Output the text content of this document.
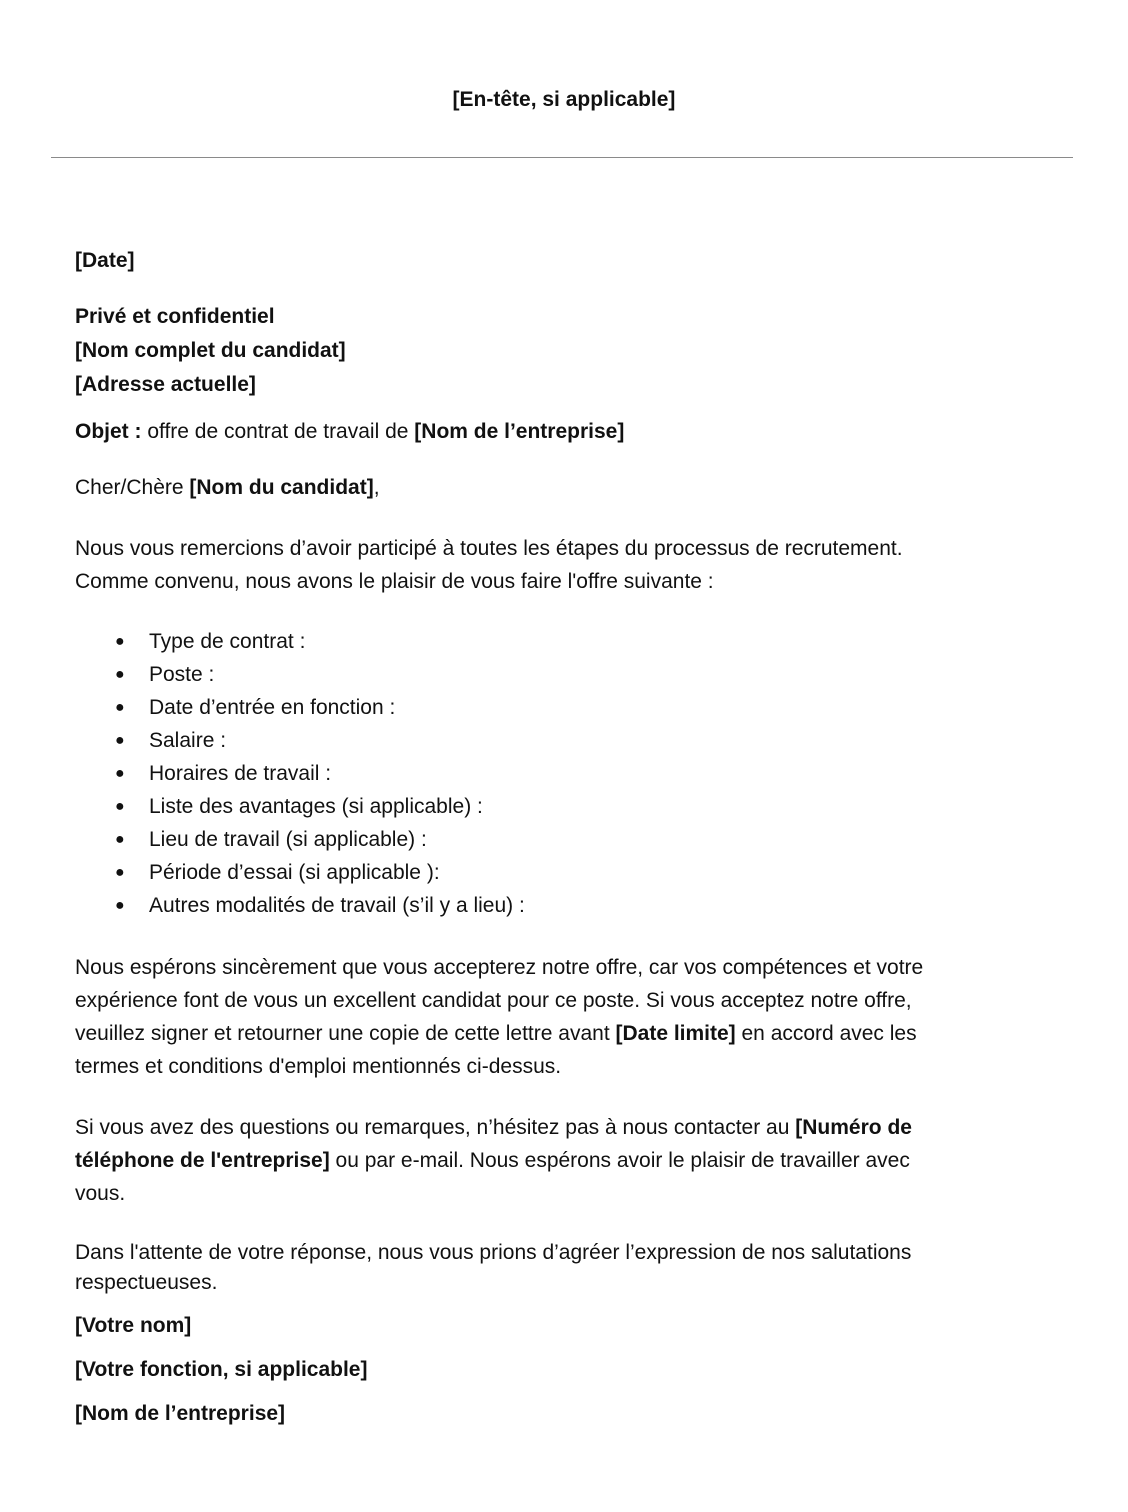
[En-tête, si applicable]
[Date]
Privé et confidentiel
[Nom complet du candidat]
[Adresse actuelle]
Objet : offre de contrat de travail de [Nom de l’entreprise]
Cher/Chère [Nom du candidat],
Nous vous remercions d’avoir participé à toutes les étapes du processus de recrutement.
Comme convenu, nous avons le plaisir de vous faire l'offre suivante :
● Type de contrat :
● Poste :
● Date d’entrée en fonction :
● Salaire :
● Horaires de travail :
● Liste des avantages (si applicable) :
● Lieu de travail (si applicable) :
● Période d’essai (si applicable ):
● Autres modalités de travail (s’il y a lieu) :
Nous espérons sincèrement que vous accepterez notre offre, car vos compétences et votre
expérience font de vous un excellent candidat pour ce poste. Si vous acceptez notre offre,
veuillez signer et retourner une copie de cette lettre avant [Date limite] en accord avec les
termes et conditions d'emploi mentionnés ci-dessus.
Si vous avez des questions ou remarques, n’hésitez pas à nous contacter au [Numéro de
téléphone de l'entreprise] ou par e-mail. Nous espérons avoir le plaisir de travailler avec
vous.
Dans l'attente de votre réponse, nous vous prions d’agréer l’expression de nos salutations
respectueuses.
[Votre nom]
[Votre fonction, si applicable]
[Nom de l’entreprise]
